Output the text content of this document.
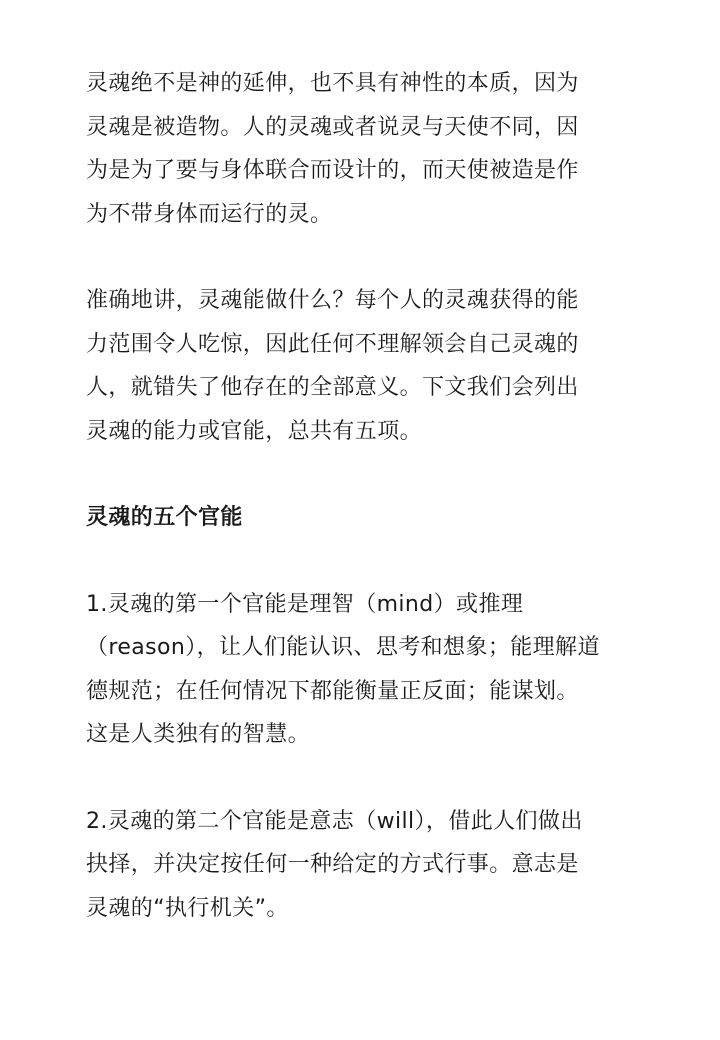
灵魂绝不是神的延伸，也不具有神性的本质，因为
灵魂是被造物。人的灵魂或者说灵与天使不同，因
为是为了要与身体联合而设计的，而天使被造是作
为不带身体而运行的灵。
准确地讲，灵魂能做什么？每个人的灵魂获得的能
力范围令人吃惊，因此任何不理解领会自己灵魂的
人，就错失了他存在的全部意义。下文我们会列出
灵魂的能力或官能，总共有五项。
灵魂的五个官能
1.灵魂的第一个官能是理智（mind）或推理
（reason），让人们能认识、思考和想象；能理解道
德规范；在任何情况下都能衡量正反面；能谋划。
这是人类独有的智慧。
2.灵魂的第二个官能是意志（will），借此人们做出
抉择，并决定按任何一种给定的方式行事。意志是
灵魂的“执行机关”。
